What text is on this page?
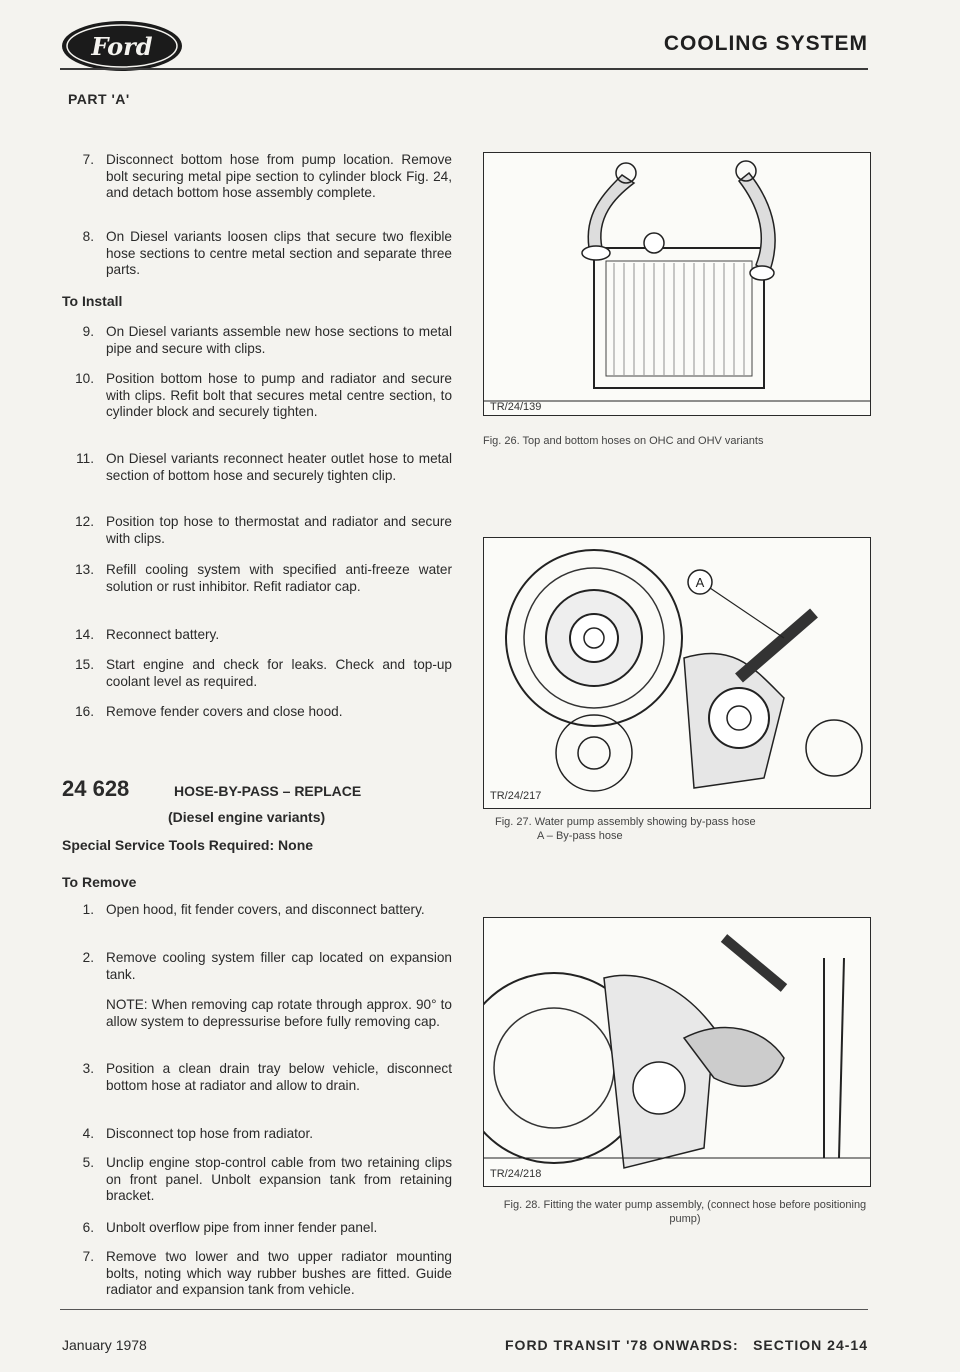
Ford	COOLING SYSTEM
PART 'A'
7. Disconnect bottom hose from pump location. Remove bolt securing metal pipe section to cylinder block Fig. 24, and detach bottom hose assembly complete.
8. On Diesel variants loosen clips that secure two flexible hose sections to centre metal section and separate three parts.
To Install
9. On Diesel variants assemble new hose sections to metal pipe and secure with clips.
10. Position bottom hose to pump and radiator and secure with clips. Refit bolt that secures metal centre section, to cylinder block and securely tighten.
11. On Diesel variants reconnect heater outlet hose to metal section of bottom hose and securely tighten clip.
12. Position top hose to thermostat and radiator and secure with clips.
13. Refill cooling system with specified anti-freeze water solution or rust inhibitor. Refit radiator cap.
14. Reconnect battery.
15. Start engine and check for leaks. Check and top-up coolant level as required.
16. Remove fender covers and close hood.
24 628	HOSE-BY-PASS – REPLACE
(Diesel engine variants)
Special Service Tools Required: None
To Remove
1. Open hood, fit fender covers, and disconnect battery.
2. Remove cooling system filler cap located on expansion tank.
NOTE: When removing cap rotate through approx. 90° to allow system to depressurise before fully removing cap.
3. Position a clean drain tray below vehicle, disconnect bottom hose at radiator and allow to drain.
4. Disconnect top hose from radiator.
5. Unclip engine stop-control cable from two retaining clips on front panel. Unbolt expansion tank from retaining bracket.
6. Unbolt overflow pipe from inner fender panel.
7. Remove two lower and two upper radiator mounting bolts, noting which way rubber bushes are fitted. Guide radiator and expansion tank from vehicle.
TR/24/139
Fig. 26. Top and bottom hoses on OHC and OHV variants
A
TR/24/217
Fig. 27. Water pump assembly showing by-pass hose
A – By-pass hose
TR/24/218
Fig. 28. Fitting the water pump assembly, (connect hose before positioning pump)
January 1978	FORD TRANSIT '78 ONWARDS: SECTION 24-14
